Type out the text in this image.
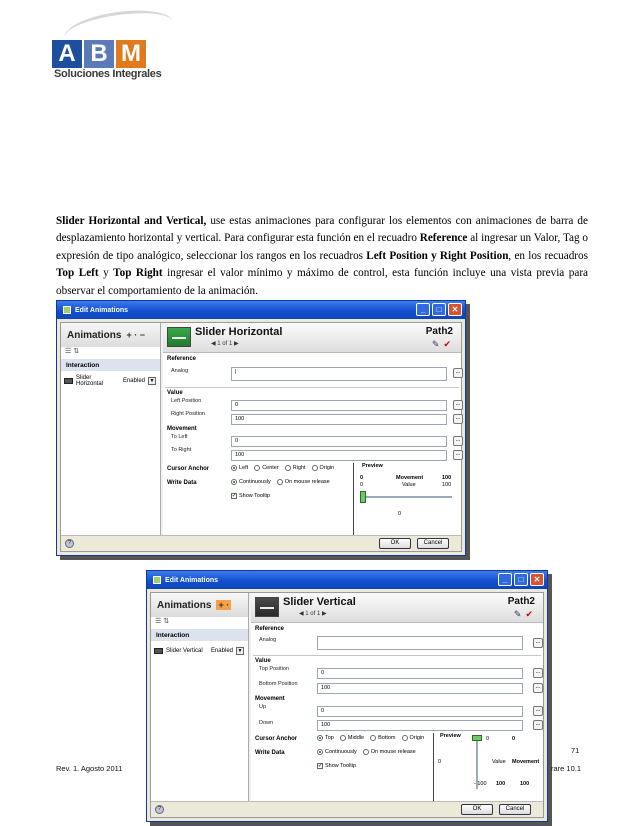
A B M
Soluciones Integrales

Slider Horizontal and Vertical, use estas animaciones para configurar los elementos con animaciones de barra de desplazamiento horizontal y vertical. Para configurar esta función en el recuadro Reference al ingresar un Valor, Tag o expresión de tipo analógico, seleccionar los rangos en los recuadros Left Position y Right Position, en los recuadros Top Left y Top Right ingresar el valor mínimo y máximo de control, esta función incluye una vista previa para observar el comportamiento de la animación.

Edit Animations	_	□	✕
Animations + · −
☰ ⇅
Interaction
Slider Horizontal	Enabled ▼
Slider Horizontal
◀ 1 of 1 ▶
Path2
✎ ✔
Reference
Analog	|	...
Value
Left Position
0	...
Right Position
100	...
Movement
To Left
0	...
To Right
100	...
Cursor Anchor	Left	Center	Right	Origin
Write Data	Continuously	On mouse release
✔ Show Tooltip
Preview
0	Movement	100
0	Value	100
0
?	OK	Cancel
Edit Animations	_	□	✕
Animations + ·
☰ ⇅
Interaction
Slider Vertical Enabled ▼
Slider Vertical
◀ 1 of 1 ▶
Path2
✎ ✔
Reference
Analog	...
Value
Top Position
0	...
Bottom Position
100	...
Movement
Up
0	...
Down	100	...
Cursor Anchor	Top	Middle	Bottom	Origin
Write Data	Continuously	On mouse release
✔ Show Tooltip
Preview	0	0
0	Value Movement
- 100 100	100
?	OK	Cancel
Rev. 1. Agosto 2011
71
rare 10.1
